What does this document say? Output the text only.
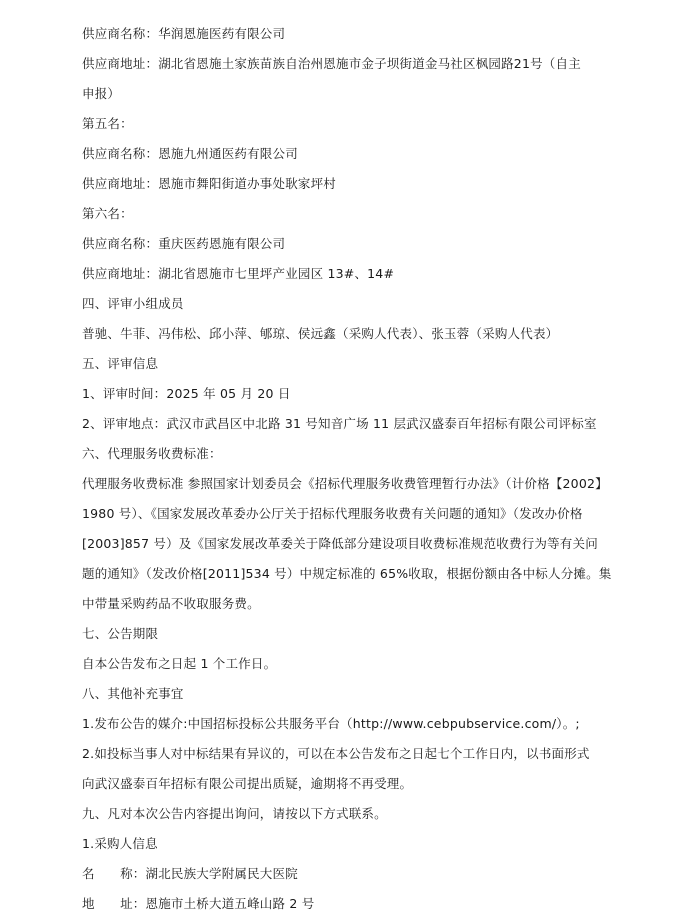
供应商名称：华润恩施医药有限公司
供应商地址：湖北省恩施土家族苗族自治州恩施市金子坝街道金马社区枫园路21号（自主
申报）
第五名：
供应商名称：恩施九州通医药有限公司
供应商地址：恩施市舞阳街道办事处耿家坪村
第六名：
供应商名称：重庆医药恩施有限公司
供应商地址：湖北省恩施市七里坪产业园区 13#、14#
四、评审小组成员
普驰、牛菲、冯伟松、邱小萍、郇琼、侯远鑫（采购人代表）、张玉蓉（采购人代表）
五、评审信息
1、评审时间：2025 年 05 月 20 日
2、评审地点：武汉市武昌区中北路 31 号知音广场 11 层武汉盛泰百年招标有限公司评标室
六、代理服务收费标准：
代理服务收费标准 参照国家计划委员会《招标代理服务收费管理暂行办法》（计价格【2002】
1980 号）、《国家发展改革委办公厅关于招标代理服务收费有关问题的通知》（发改办价格
[2003]857 号）及《国家发展改革委关于降低部分建设项目收费标准规范收费行为等有关问
题的通知》（发改价格[2011]534 号）中规定标准的 65%收取，根据份额由各中标人分摊。集
中带量采购药品不收取服务费。
七、公告期限
自本公告发布之日起 1 个工作日。
八、其他补充事宜
1.发布公告的媒介:中国招标投标公共服务平台（http://www.cebpubservice.com/）。;
2.如投标当事人对中标结果有异议的，可以在本公告发布之日起七个工作日内，以书面形式
向武汉盛泰百年招标有限公司提出质疑，逾期将不再受理。
九、凡对本次公告内容提出询问，请按以下方式联系。
1.采购人信息
名　　称：湖北民族大学附属民大医院
地　　址：恩施市土桥大道五峰山路 2 号
